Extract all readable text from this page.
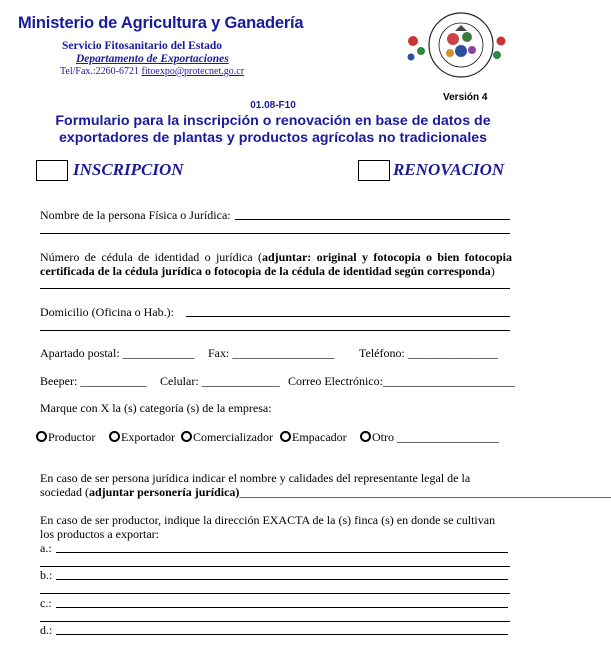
Ministerio de Agricultura y Ganadería
Servicio Fitosanitario del Estado
Departamento de Exportaciones
Tel/Fax.:2260-6721 fitoexpo@protecnet.go.cr
Versión 4
01.08-F10
Formulario para la inscripción o renovación en base de datos de
exportadores de plantas y productos agrícolas no tradicionales
INSCRIPCION	RENOVACION
Nombre de la persona Física o Jurídica:
Número de cédula de identidad o jurídica (adjuntar: original y fotocopia o bien fotocopia certificada de la cédula jurídica o fotocopia de la cédula de identidad según corresponda)
Domicilio (Oficina o Hab.):
Apartado postal: ____________ Fax: _________________ Teléfono: _______________
Beeper: ___________ Celular: _____________ Correo Electrónico:______________________
Marque con X la (s) categoría (s) de la empresa:
Productor	Exportador	Comercializador	Empacador	Otro _________________
En caso de ser persona jurídica indicar el nombre y calidades del representante legal de la
sociedad (adjuntar personería jurídica)______________________________________________________________
En caso de ser productor, indique la dirección EXACTA de la (s) finca (s) en donde se cultivan
los productos a exportar:
a.:
b.:
c.:
d.:
